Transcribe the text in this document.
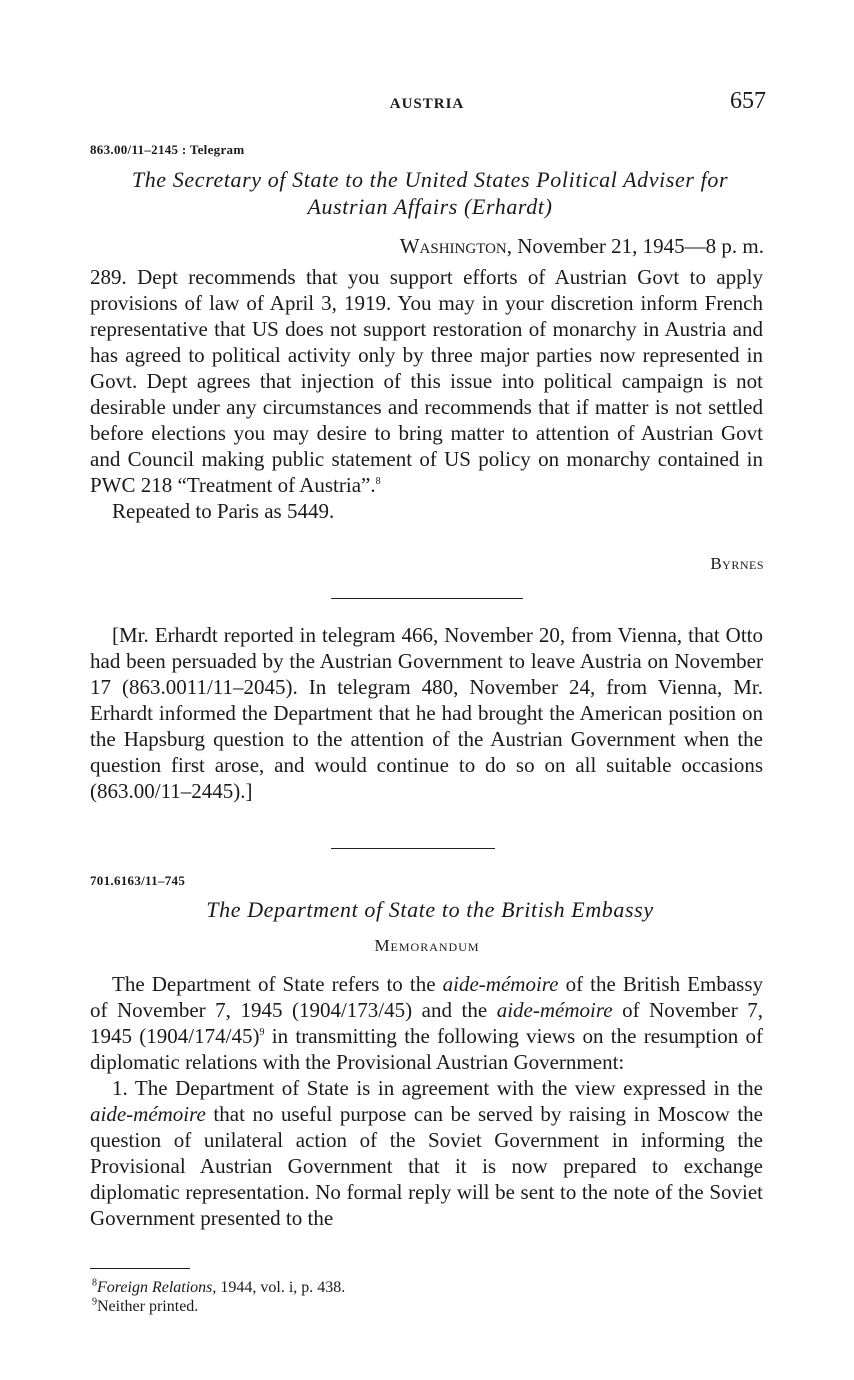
AUSTRIA	657
863.00/11–2145 : Telegram
The Secretary of State to the United States Political Adviser for
Austrian Affairs (Erhardt)
Washington, November 21, 1945—8 p. m.

289. Dept recommends that you support efforts of Austrian Govt to apply provisions of law of April 3, 1919. You may in your discretion inform French representative that US does not support restoration of monarchy in Austria and has agreed to political activity only by three major parties now represented in Govt. Dept agrees that injection of this issue into political campaign is not desirable under any circumstances and recommends that if matter is not settled before elections you may desire to bring matter to attention of Austrian Govt and Council making public statement of US policy on monarchy contained in PWC 218 “Treatment of Austria”.$^8$

Repeated to Paris as 5449.

Byrnes

[Mr. Erhardt reported in telegram 466, November 20, from Vienna, that Otto had been persuaded by the Austrian Government to leave Austria on November 17 (863.0011/11–2045). In telegram 480, November 24, from Vienna, Mr. Erhardt informed the Department that he had brought the American position on the Hapsburg question to the attention of the Austrian Government when the question first arose, and would continue to do so on all suitable occasions (863.00/11–2445).]

701.6163/11–745
The Department of State to the British Embassy
Memorandum

The Department of State refers to the aide-mémoire of the British Embassy of November 7, 1945 (1904/173/45) and the aide-mémoire of November 7, 1945 $(1904/174/45)^9$ in transmitting the following views on the resumption of diplomatic relations with the Provisional Austrian Government:

1. The Department of State is in agreement with the view expressed in the aide-mémoire that no useful purpose can be served by raising in Moscow the question of unilateral action of the Soviet Government in informing the Provisional Austrian Government that it is now prepared to exchange diplomatic representation. No formal reply will be sent to the note of the Soviet Government presented to the

$^8$Foreign Relations, 1944, vol. i, p. 438.
$^9$Neither printed.
